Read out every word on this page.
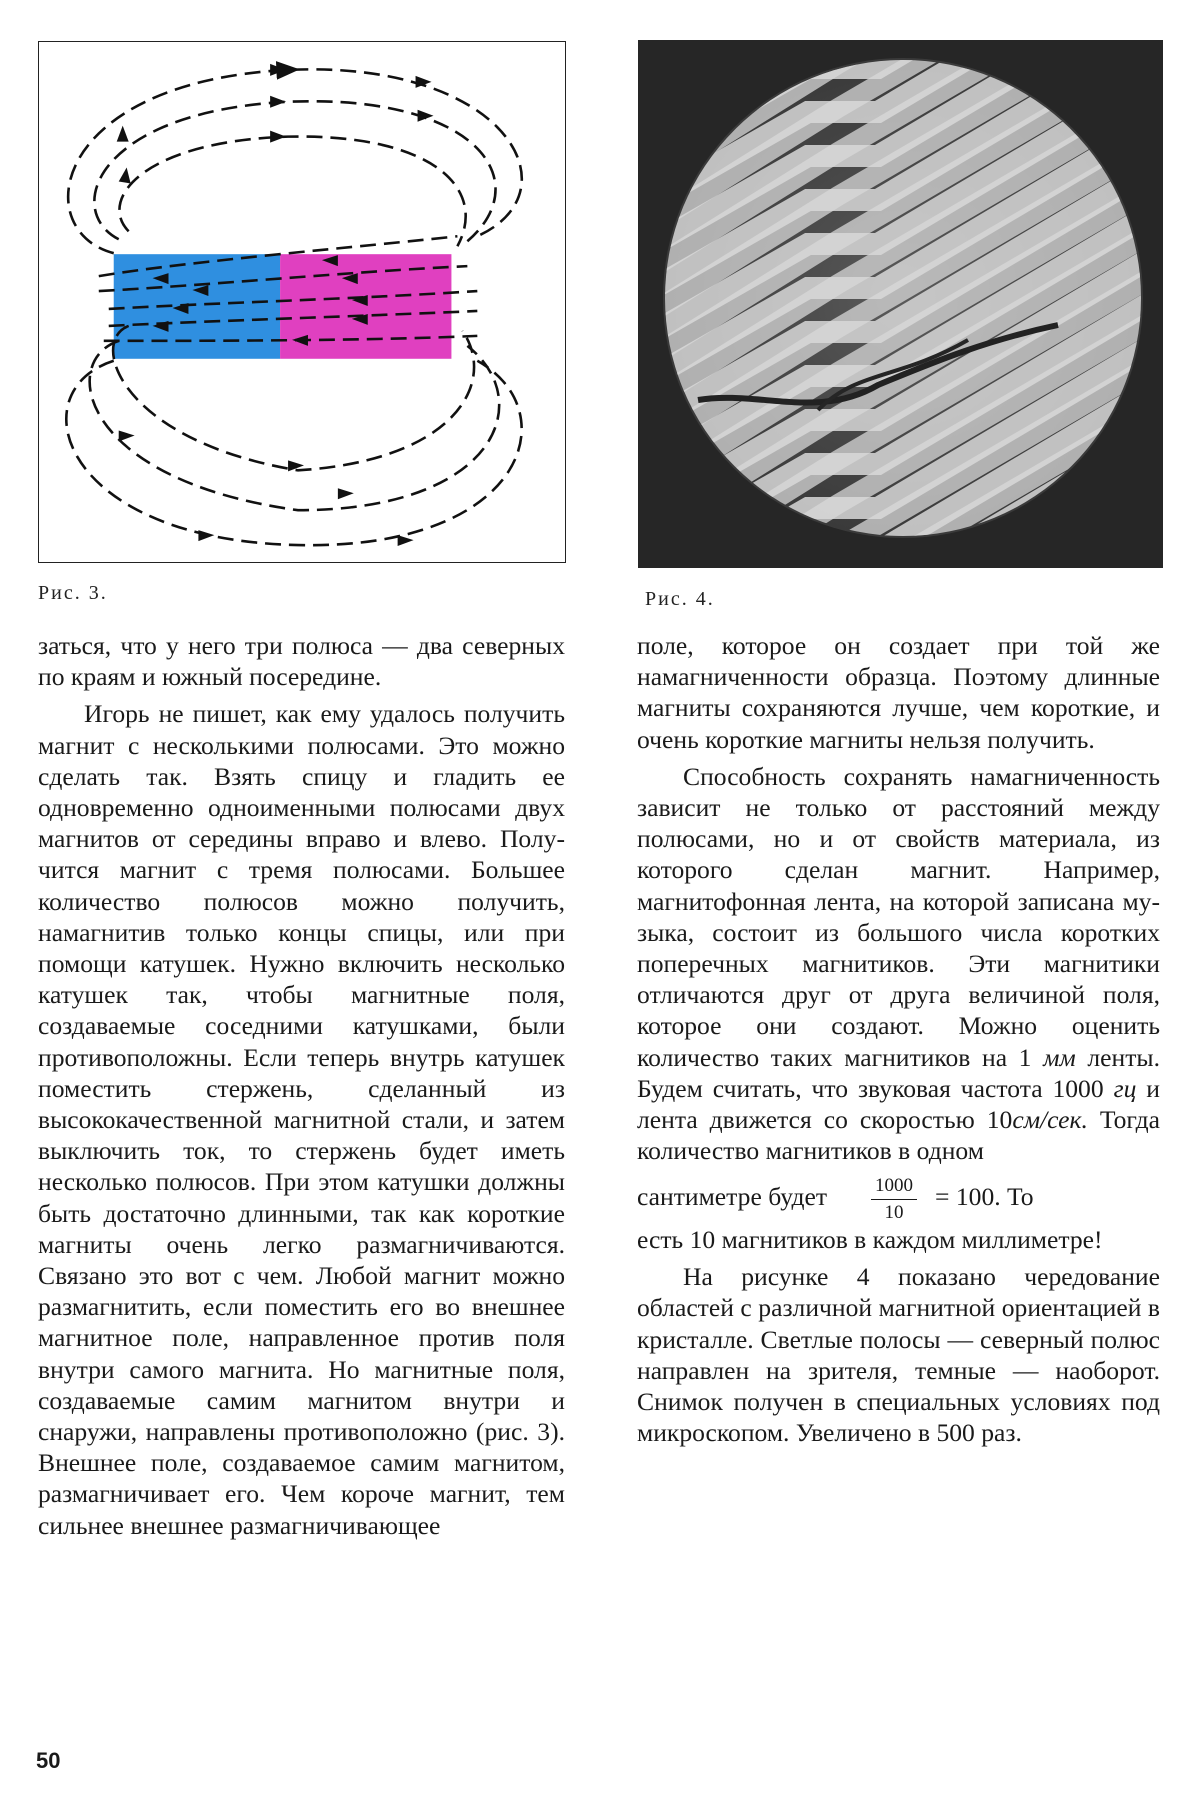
Рис. 3.	Рис. 4.

заться, что у него три полюса — два северных по краям и южный посередине.

Игорь не пишет, как ему удалось получить магнит с несколькими полюсами. Это можно сделать так. Взять спицу и гладить ее одновременно одноименными полюсами двух магнитов от середины вправо и влево. Получится магнит с тремя полюсами. Большее количество полюсов можно получить, намагнитив только концы спицы, или при помощи катушек. Нужно включить несколько катушек так, чтобы магнитные поля, создаваемые соседними катушками, были противоположны. Если теперь внутрь катушек поместить стержень, сделанный из высококачественной магнитной стали, и затем выключить ток, то стержень будет иметь несколько полюсов. При этом катушки должны быть достаточно длинными, так как короткие магниты очень легко размагничиваются. Связано это вот с чем. Любой магнит можно размагнитить, если поместить его во внешнее магнитное поле, направленное против поля внутри самого магнита. Но магнитные поля, создаваемые самим магнитом внутри и снаружи, направлены противоположно (рис. 3). Внешнее поле, создаваемое самим магнитом, размагничивает его. Чем короче магнит, тем сильнее внешнее размагничивающее

поле, которое он создает при той же намагниченности образца. Поэтому длинные магниты сохраняются лучше, чем короткие, и очень короткие магниты нельзя получить.

Способность сохранять намагниченность зависит не только от расстояний между полюсами, но и от свойств материала, из которого сделан магнит. Например, магнитофонная лента, на которой записана музыка, состоит из большого числа коротких поперечных магнитиков. Эти магнитики отличаются друг от друга величиной поля, которое они создают. Можно оценить количество таких магнитиков на 1 мм ленты. Будем считать, что звуковая частота 1000 гц и лента движется со скоростью 10см/сек. Тогда количество магнитиков в одном

сантиметре будет $\frac{1000}{10} = 100$. То

есть 10 магнитиков в каждом миллиметре!

На рисунке 4 показано чередование областей с различной магнитной ориентацией в кристалле. Светлые полосы — северный полюс направлен на зрителя, темные — наоборот. Снимок получен в специальных условиях под микроскопом. Увеличено в 500 раз.

50
